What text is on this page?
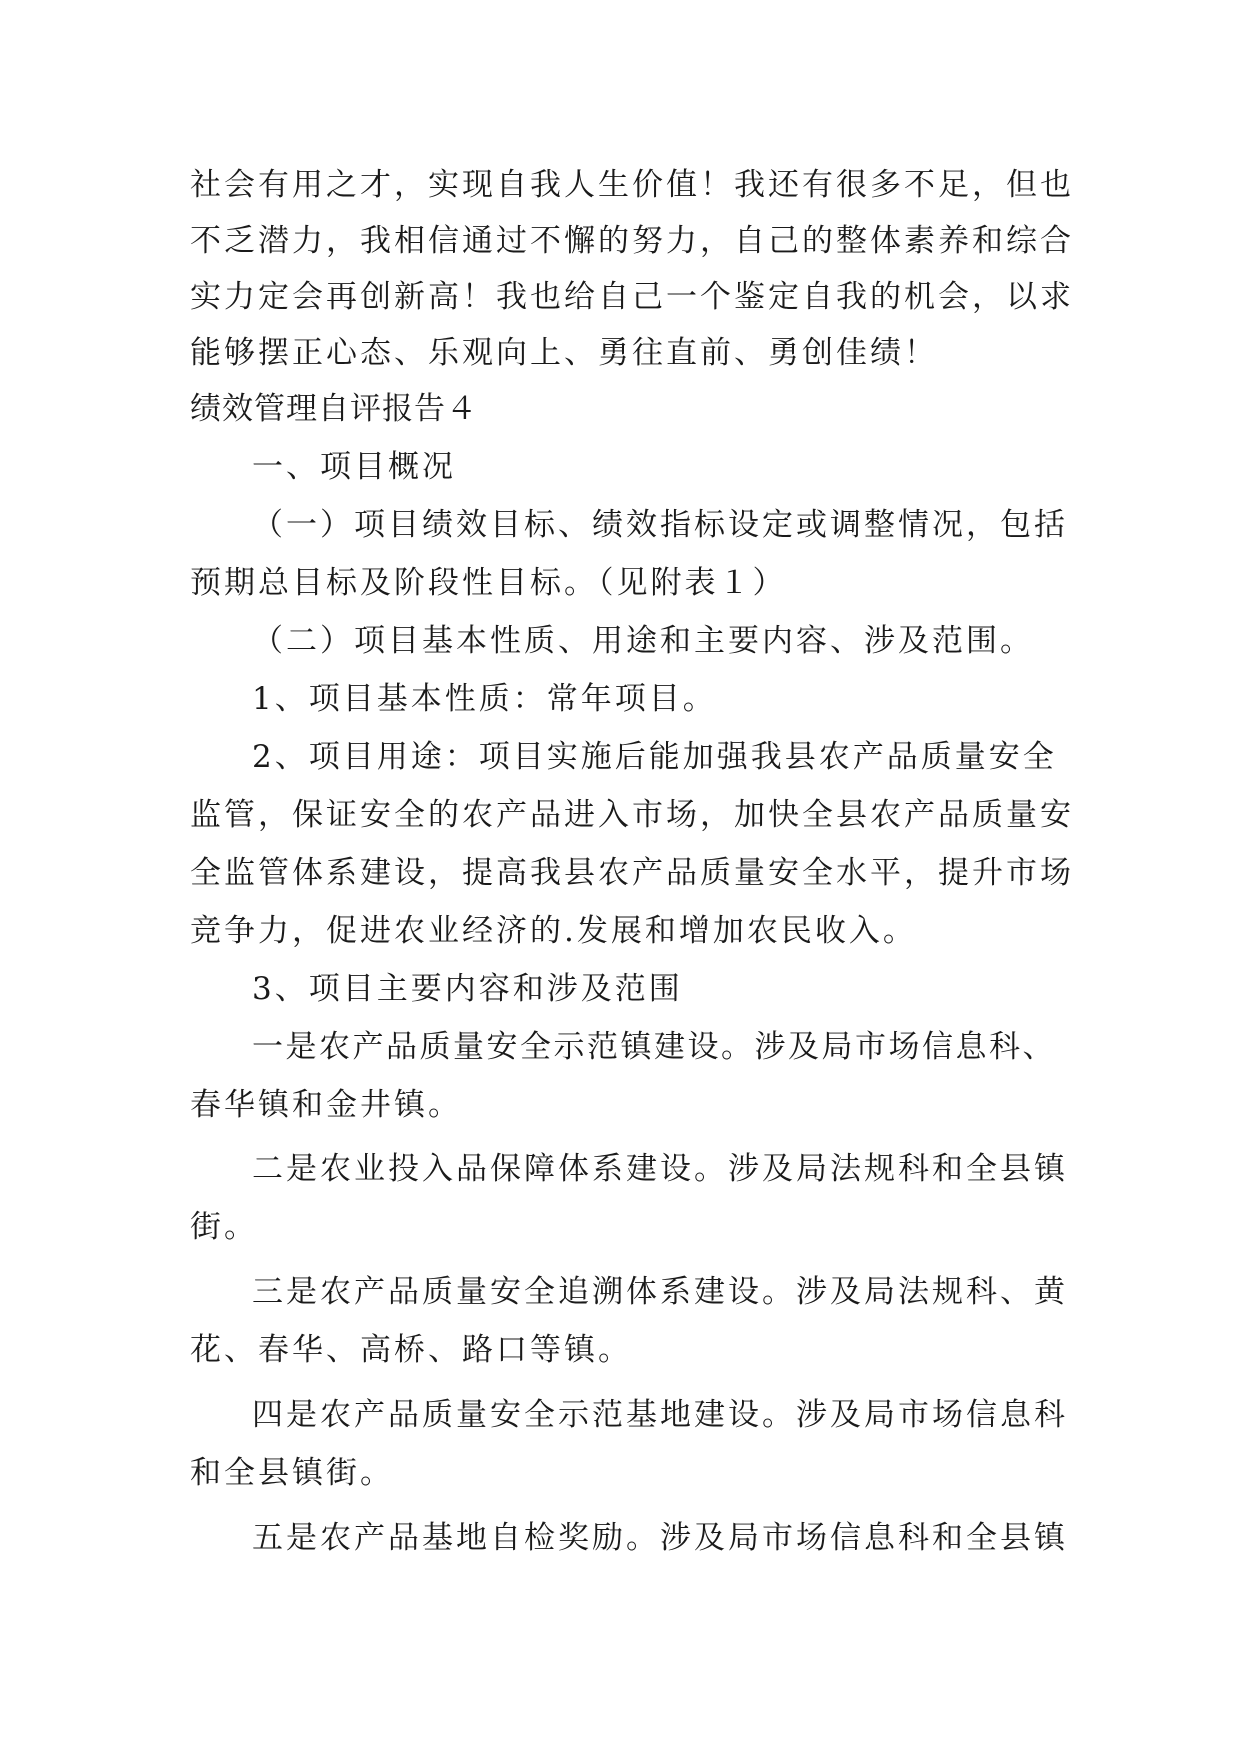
社会有用之才，实现自我人生价值！我还有很多不足，但也
不乏潜力，我相信通过不懈的努力，自己的整体素养和综合
实力定会再创新高！我也给自己一个鉴定自我的机会，以求
能够摆正心态、乐观向上、勇往直前、勇创佳绩！
绩效管理自评报告４
一、项目概况
（一）项目绩效目标、绩效指标设定或调整情况，包括
预期总目标及阶段性目标。（见附表１）
（二）项目基本性质、用途和主要内容、涉及范围。
1、项目基本性质：常年项目。
2、项目用途：项目实施后能加强我县农产品质量安全
监管，保证安全的农产品进入市场，加快全县农产品质量安
全监管体系建设，提高我县农产品质量安全水平，提升市场
竞争力，促进农业经济的.发展和增加农民收入。
3、项目主要内容和涉及范围
一是农产品质量安全示范镇建设。涉及局市场信息科、
春华镇和金井镇。
二是农业投入品保障体系建设。涉及局法规科和全县镇
街。
三是农产品质量安全追溯体系建设。涉及局法规科、黄
花、春华、高桥、路口等镇。
四是农产品质量安全示范基地建设。涉及局市场信息科
和全县镇街。
五是农产品基地自检奖励。涉及局市场信息科和全县镇
